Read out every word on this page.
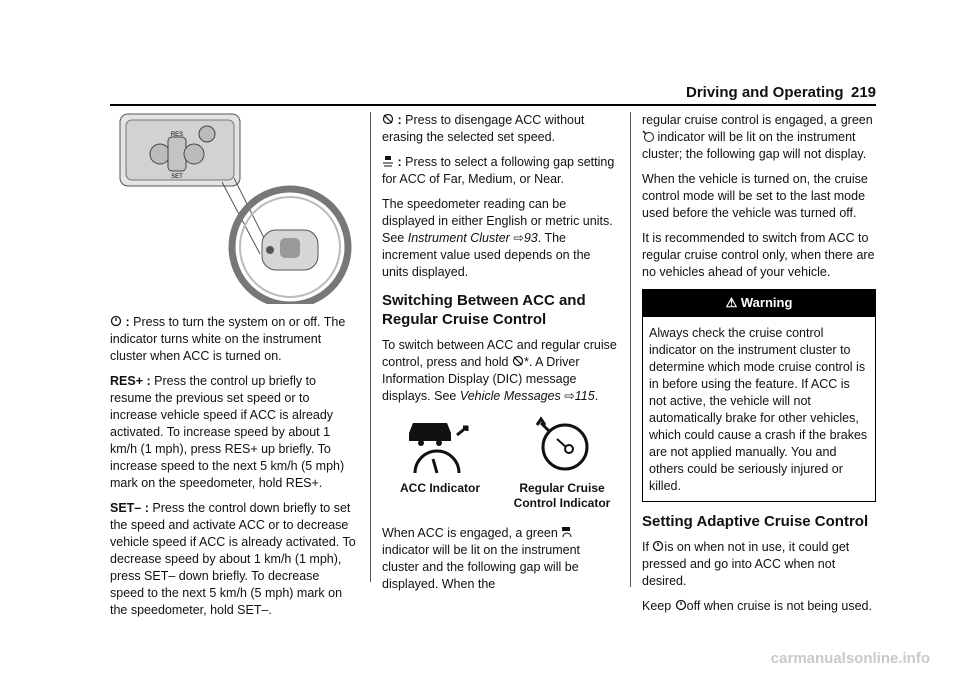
Driving and Operating 219
RES
SET

: Press to turn the system on or off. The indicator turns white on the instrument cluster when ACC is turned on.

RES+ : Press the control up briefly to resume the previous set speed or to increase vehicle speed if ACC is already activated. To increase speed by about 1 km/h (1 mph), press RES+ up briefly. To increase speed to the next 5 km/h (5 mph) mark on the speedometer, hold RES+.

SET– : Press the control down briefly to set the speed and activate ACC or to decrease vehicle speed if ACC is already activated. To decrease speed by about 1 km/h (1 mph), press SET– down briefly. To decrease speed to the next 5 km/h (5 mph) mark on the speedometer, hold SET–.

: Press to disengage ACC without erasing the selected set speed.

: Press to select a following gap setting for ACC of Far, Medium, or Near.

The speedometer reading can be displayed in either English or metric units. See Instrument Cluster ⇨93. The increment value used depends on the units displayed.

Switching Between ACC and Regular Cruise Control

To switch between ACC and regular cruise control, press and hold *. A Driver Information Display (DIC) message displays. See Vehicle Messages ⇨115.

ACC Indicator	Regular Cruise Control Indicator

When ACC is engaged, a green indicator will be lit on the instrument cluster and the following gap will be displayed. When the

regular cruise control is engaged, a green
indicator will be lit on the instrument cluster; the following gap will not display.

When the vehicle is turned on, the cruise control mode will be set to the last mode used before the vehicle was turned off.

It is recommended to switch from ACC to regular cruise control only, when there are no vehicles ahead of your vehicle.

⚠ Warning
Always check the cruise control indicator on the instrument cluster to determine which mode cruise control is in before using the feature. If ACC is not active, the vehicle will not automatically brake for other vehicles, which could cause a crash if the brakes are not applied manually. You and others could be seriously injured or killed.
Setting Adaptive Cruise Control

If is on when not in use, it could get pressed and go into ACC when not desired.

Keep off when cruise is not being used.

carmanualsonline.info
